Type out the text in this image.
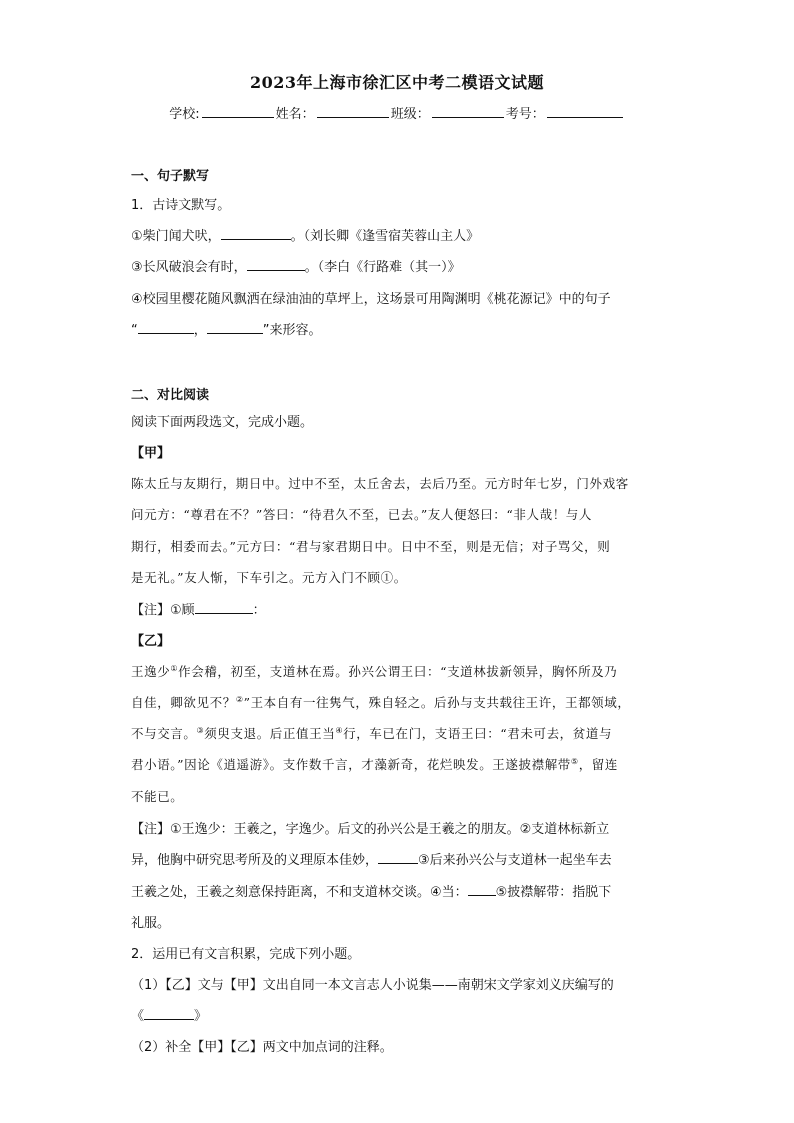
2023年上海市徐汇区中考二模语文试题
学校:	姓名：	班级：	考号：
一、句子默写
1．古诗文默写。
①柴门闻犬吠，	。（刘长卿《逢雪宿芙蓉山主人》
③长风破浪会有时，	。（李白《行路难（其一）》
④校园里樱花随风飘洒在绿油油的草坪上，这场景可用陶渊明《桃花源记》中的句子
“	，	”来形容。
二、对比阅读
阅读下面两段选文，完成小题。
【甲】
陈太丘与友期行，期日中。过中不至，太丘舍去，去后乃至。元方时年七岁，门外戏客
问元方：“尊君在不？”答曰：“待君久不至，已去。”友人便怒曰：“非人哉！与人
期行，相委而去。”元方曰：“君与家君期日中。日中不至，则是无信；对子骂父，则
是无礼。”友人惭，下车引之。元方入门不顾①。
【注】①顾	：
【乙】
王逸少①作会稽，初至，支道林在焉。孙兴公谓王曰：“支道林拔新领异，胸怀所及乃
自佳，卿欲见不？②”王本自有一往隽气，殊自轻之。后孙与支共载往王许，王都领域，
不与交言。③须臾支退。后正值王当④行，车已在门，支语王曰：“君未可去，贫道与
君小语。”因论《逍遥游》。支作数千言，才藻新奇，花烂映发。王遂披襟解带⑤，留连
不能已。
【注】①王逸少：王羲之，字逸少。后文的孙兴公是王羲之的朋友。②支道林标新立
异，他胸中研究思考所及的义理原本佳妙，	③后来孙兴公与支道林一起坐车去
王羲之处，王羲之刻意保持距离，不和支道林交谈。④当： ⑤披襟解带：指脱下
礼服。
2．运用已有文言积累，完成下列小题。
（1）【乙】文与【甲】文出自同一本文言志人小说集——南朝宋文学家刘义庆编写的
《	》
（2）补全【甲】【乙】两文中加点词的注释。
